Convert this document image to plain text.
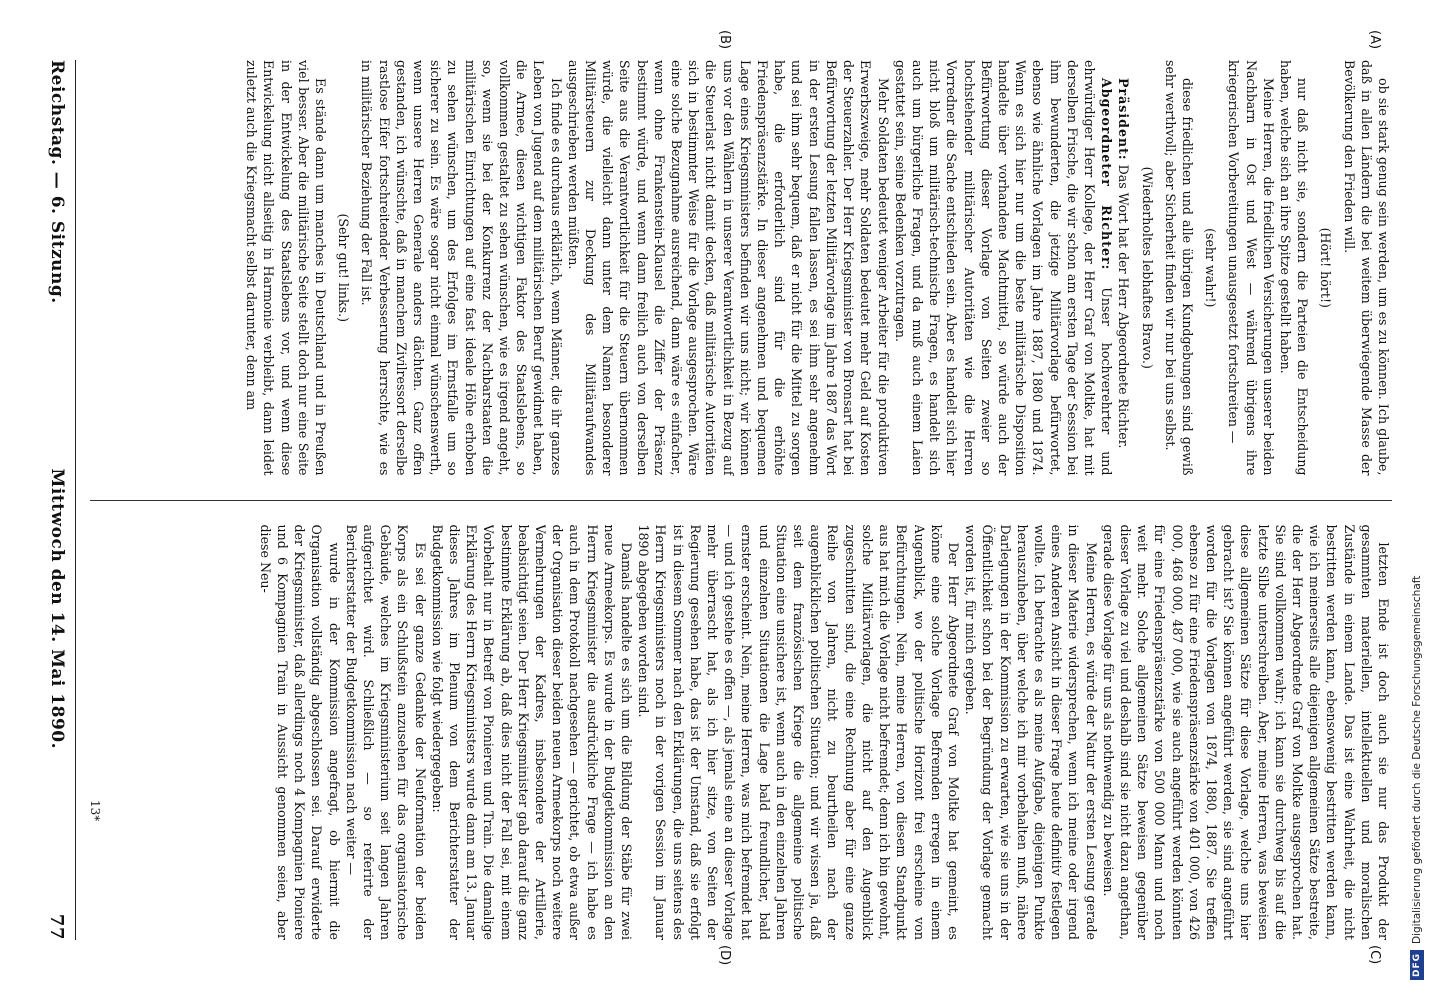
Reichstag. — 6. Sitzung.
Mittwoch den 14. Mai 1890.
77

ob sie stark genug sein werden, um es zu können. Ich glaube, daß in allen Ländern die bei weitem überwiegende Masse der Bevölkerung den Frieden will.

(Hört! hört!)

nur daß nicht sie, sondern die Parteien die Entscheidung haben, welche sich an ihre Spitze gestellt haben.

Meine Herren, die friedlichen Versicherungen unserer beiden Nachbarn in Ost und West — während übrigens ihre kriegerischen Vorbereitungen unausgesetzt fortschreiten —

(sehr wahr!)

diese friedlichen und alle übrigen Kundgebungen sind gewiß sehr werthvoll; aber Sicherheit finden wir nur bei uns selbst.

(Wiederholtes lebhaftes Bravo.)

Präsident: Das Wort hat der Herr Abgeordnete Richter.

Abgeordneter Richter: Unser hochverehrter und ehrwürdiger Herr Kollege, der Herr Graf von Moltke, hat mit derselben Frische, die wir schon am ersten Tage der Session bei ihm bewunderten, die jetzige Militärvorlage befürwortet, ebenso wie ähnliche Vorlagen im Jahre 1887, 1880 und 1874. Wenn es sich hier nur um die beste militärische Disposition handelte über vorhandene Machtmittel, so würde auch der Befürwortung dieser Vorlage von Seiten zweier so hochstehender militärischer Autoritäten wie die Herren Vorredner die Sache entschieden sein. Aber es handelt sich hier nicht bloß um militärisch-technische Fragen, es handelt sich auch um bürgerliche Fragen, und da muß auch einem Laien gestattet sein, seine Bedenken vorzutragen.

Mehr Soldaten bedeutet weniger Arbeiter für die produktiven Erwerbszweige, mehr Soldaten bedeutet mehr Geld auf Kosten der Steuerzahler. Der Herr Kriegsminister von Bronsart hat bei Befürwortung der letzten Militärvorlage im Jahre 1887 das Wort in der ersten Lesung fallen lassen, es sei ihm sehr angenehm und sei ihm sehr bequem, daß er nicht für die Mittel zu sorgen habe, die erforderlich sind für die erhöhte Friedenspräsenzstärke. In dieser angenehmen und bequemen Lage eines Kriegsministers befinden wir uns nicht; wir können uns vor den Wählern in unserer Verantwortlichkeit in Bezug auf die Steuerlast nicht damit decken, daß militärische Autoritäten sich in bestimmter Weise für die Vorlage ausgesprochen. Wäre eine solche Bezugnahme ausreichend, dann wäre es einfacher, wenn ohne Frankenstein-Klausel die Ziffer der Präsenz bestimmt würde, und wenn dann freilich auch von derselben Seite aus die Verantwortlichkeit für die Steuern übernommen würde, die vielleicht dann unter dem Namen besonderer Militärsteuern zur Deckung des Militäraufwandes ausgeschrieben werden müßten.

Ich finde es durchaus erklärlich, wenn Männer, die ihr ganzes Leben von Jugend auf dem militärischen Beruf gewidmet haben, die Armee, diesen wichtigen Faktor des Staatslebens, so vollkommen gestaltet zu sehen wünschen, wie es irgend angeht, so, wenn sie bei der Konkurrenz der Nachbarstaaten die militärischen Einrichtungen auf eine fast ideale Höhe erhoben zu sehen wünschen, um des Erfolges im Ernstfalle um so sicherer zu sein. Es wäre sogar nicht einmal wünschenswerth, wenn unsere Herren Generale anders dächten. Ganz offen gestanden, ich wünschte, daß in manchem Zivilressort derselbe rastlose Eifer fortschreitender Verbesserung herrschte, wie es in militärischer Beziehung der Fall ist.

(Sehr gut! links.)

Es stände dann um manches in Deutschland und in Preußen viel besser. Aber die militärische Seite stellt doch nur eine Seite in der Entwickelung des Staatslebens vor, und wenn diese Entwickelung nicht allseitig in Harmonie verbleibt, dann leidet zuletzt auch die Kriegsmacht selbst darunter, denn am

letzten Ende ist doch auch sie nur das Produkt der gesammten materiellen, intellektuellen und moralischen Zustände in einem Lande. Das ist eine Wahrheit, die nicht bestritten werden kann, ebensowenig bestritten werden kann, wie ich meinerseits alle diejenigen allgemeinen Sätze bestreite, die der Herr Abgeordnete Graf von Moltke ausgesprochen hat. Sie sind vollkommen wahr; ich kann sie durchweg bis auf die letzte Silbe unterschreiben. Aber, meine Herren, was beweisen diese allgemeinen Sätze für diese Vorlage, welche uns hier gebracht ist? Sie können angeführt werden, sie sind angeführt worden für die Vorlagen von 1874, 1880, 1887. Sie treffen ebenso zu für eine Friedenspräsenzstärke von 401 000, von 426 000, 468 000, 487 000, wie sie auch angeführt werden könnten für eine Friedenspräsenzstärke von 500 000 Mann und noch weit mehr. Solche allgemeinen Sätze beweisen gegenüber dieser Vorlage zu viel und deshalb sind sie nicht dazu angethan, gerade diese Vorlage für uns als nothwendig zu beweisen.

Meine Herren, es würde der Natur der ersten Lesung gerade in dieser Materie widersprechen, wenn ich meine oder irgend eines Anderen Ansicht in dieser Frage heute definitiv festlegen wollte. Ich betrachte es als meine Aufgabe, diejenigen Punkte herauszuheben, über welche ich mir vorbehalten muß, nähere Darlegungen in der Kommission zu erwarten, wie sie uns in der Öffentlichkeit schon bei der Begründung der Vorlage gemacht worden ist, für mich ergeben.

Der Herr Abgeordnete Graf von Moltke hat gemeint, es könne eine solche Vorlage Befremden erregen in einem Augenblick, wo der politische Horizont frei erscheine von Befürchtungen. Nein, meine Herren, von diesem Standpunkt aus hat mich die Vorlage nicht befremdet; denn ich bin gewohnt, solche Militärvorlagen, die nicht auf den Augenblick zugeschnitten sind, die eine Rechnung aber für eine ganze Reihe von Jahren, nicht zu beurtheilen nach der augenblicklichen politischen Situation; und wir wissen ja, daß seit dem französischen Kriege die allgemeine politische Situation eine unsichere ist, wenn auch in den einzelnen Jahren und einzelnen Situationen die Lage bald freundlicher, bald ernster erscheint. Nein, meine Herren, was mich befremdet hat — und ich gestehe es offen —, als jemals eine an dieser Vorlage mehr überrascht hat, als ich hier sitze, von Seiten der Regierung gesehen habe, das ist der Umstand, daß sie erfolgt ist in diesem Sommer nach den Erklärungen, die uns seitens des Herrn Kriegsministers noch in der vorigen Session im Januar 1890 abgegeben worden sind.

Damals handelte es sich um die Bildung der Stäbe für zwei neue Armeekorps. Es wurde in der Budgetkommission an den Herrn Kriegsminister die ausdrückliche Frage — ich habe es auch in dem Protokoll nachgesehen — gerichtet, ob etwa außer der Organisation dieser beiden neuen Armeekorps noch weitere Vermehrungen der Kadres, insbesondere der Artillerie, beabsichtigt seien. Der Herr Kriegsminister gab darauf die ganz bestimmte Erklärung ab, daß dies nicht der Fall sei, mit einem Vorbehalt nur in Betreff von Pionieren und Train. Die damalige Erklärung des Herrn Kriegsministers wurde dann am 13. Januar dieses Jahres im Plenum von dem Berichterstatter der Budgetkommission wie folgt wiedergegeben:

Es sei der ganze Gedanke der Neuformation der beiden Korps als ein Schlußstein anzusehen für das organisatorische Gebäude, welches im Kriegsministerium seit langen Jahren aufgerichtet wird. Schließlich — so referirte der Berichterstatter der Budgetkommission nach weiter —

wurde in der Kommission angefragt, ob hiermit die Organisation vollständig abgeschlossen sei. Darauf erwiderte der Kriegsminister, daß allerdings noch 4 Kompagnien Pioniere und 6 Kompagnien Train in Aussicht genommen seien, aber diese Neu-

(A)
(B)
(C)
(D)
13*
DFG
Digitalisierung gefördert durch die Deutsche Forschungsgemeinschaft
